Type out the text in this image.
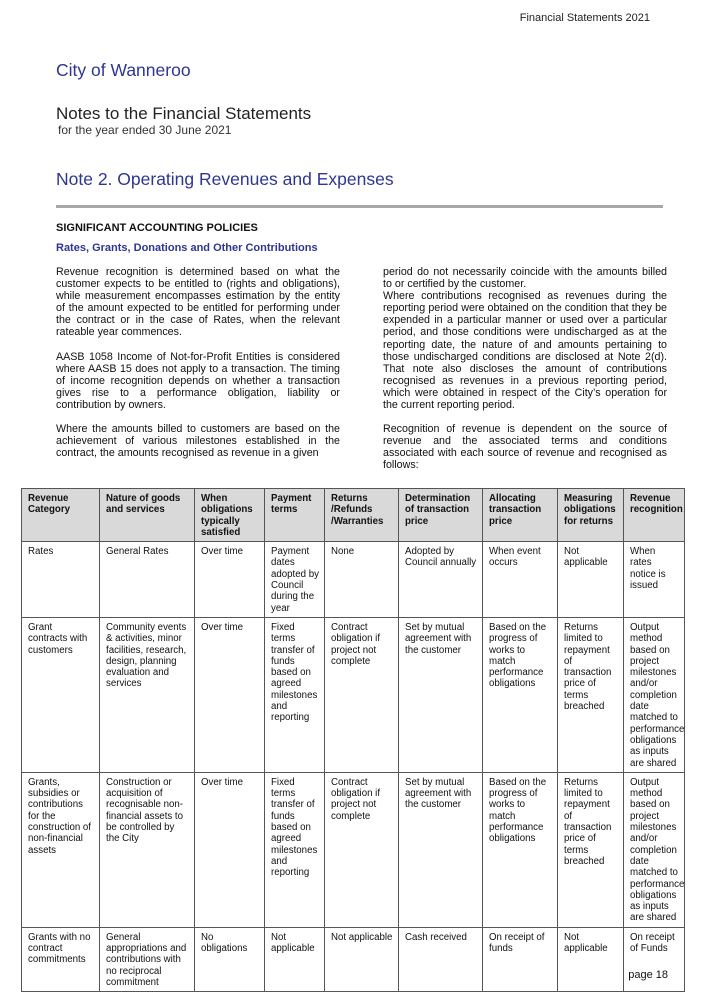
Financial Statements 2021
City of Wanneroo
Notes to the Financial Statements
for the year ended 30 June 2021
Note 2. Operating Revenues and Expenses
SIGNIFICANT ACCOUNTING POLICIES
Rates, Grants, Donations and Other Contributions

Revenue recognition is determined based on what the customer expects to be entitled to (rights and obligations), while measurement encompasses estimation by the entity of the amount expected to be entitled for performing under the contract or in the case of Rates, when the relevant rateable year commences.

AASB 1058 Income of Not-for-Profit Entities is considered where AASB 15 does not apply to a transaction. The timing of income recognition depends on whether a transaction gives rise to a performance obligation, liability or contribution by owners.

Where the amounts billed to customers are based on the achievement of various milestones established in the contract, the amounts recognised as revenue in a given

period do not necessarily coincide with the amounts billed to or certified by the customer.

Where contributions recognised as revenues during the reporting period were obtained on the condition that they be expended in a particular manner or used over a particular period, and those conditions were undischarged as at the reporting date, the nature of and amounts pertaining to those undischarged conditions are disclosed at Note 2(d). That note also discloses the amount of contributions recognised as revenues in a previous reporting period, which were obtained in respect of the City’s operation for the current reporting period.

Recognition of revenue is dependent on the source of revenue and the associated terms and conditions associated with each source of revenue and recognised as follows:

Revenue Category	Nature of goods and services	When obligations typically satisfied	Payment terms	Returns /Refunds /Warranties	Determination of transaction price	Allocating transaction price	Measuring obligations for returns	Revenue recognition
Rates	General Rates	Over time	Payment dates adopted by Council during the year	None	Adopted by Council annually	When event occurs	Not applicable	When rates notice is issued
Grant contracts with customers	Community events & activities, minor facilities, research, design, planning evaluation and services	Over time	Fixed terms transfer of funds based on agreed milestones and reporting	Contract obligation if project not complete	Set by mutual agreement with the customer	Based on the progress of works to match performance obligations	Returns limited to repayment of transaction price of terms breached	Output method based on project milestones and/or completion date matched to performance obligations as inputs are shared
Grants, subsidies or contributions for the construction of non-financial assets	Construction or acquisition of recognisable non-financial assets to be controlled by the City	Over time	Fixed terms transfer of funds based on agreed milestones and reporting	Contract obligation if project not complete	Set by mutual agreement with the customer	Based on the progress of works to match performance obligations	Returns limited to repayment of transaction price of terms breached	Output method based on project milestones and/or completion date matched to performance obligations as inputs are shared
Grants with no contract commitments	General appropriations and contributions with no reciprocal commitment	No obligations	Not applicable	Not applicable	Cash received	On receipt of funds	Not applicable	On receipt of Funds
page 18
